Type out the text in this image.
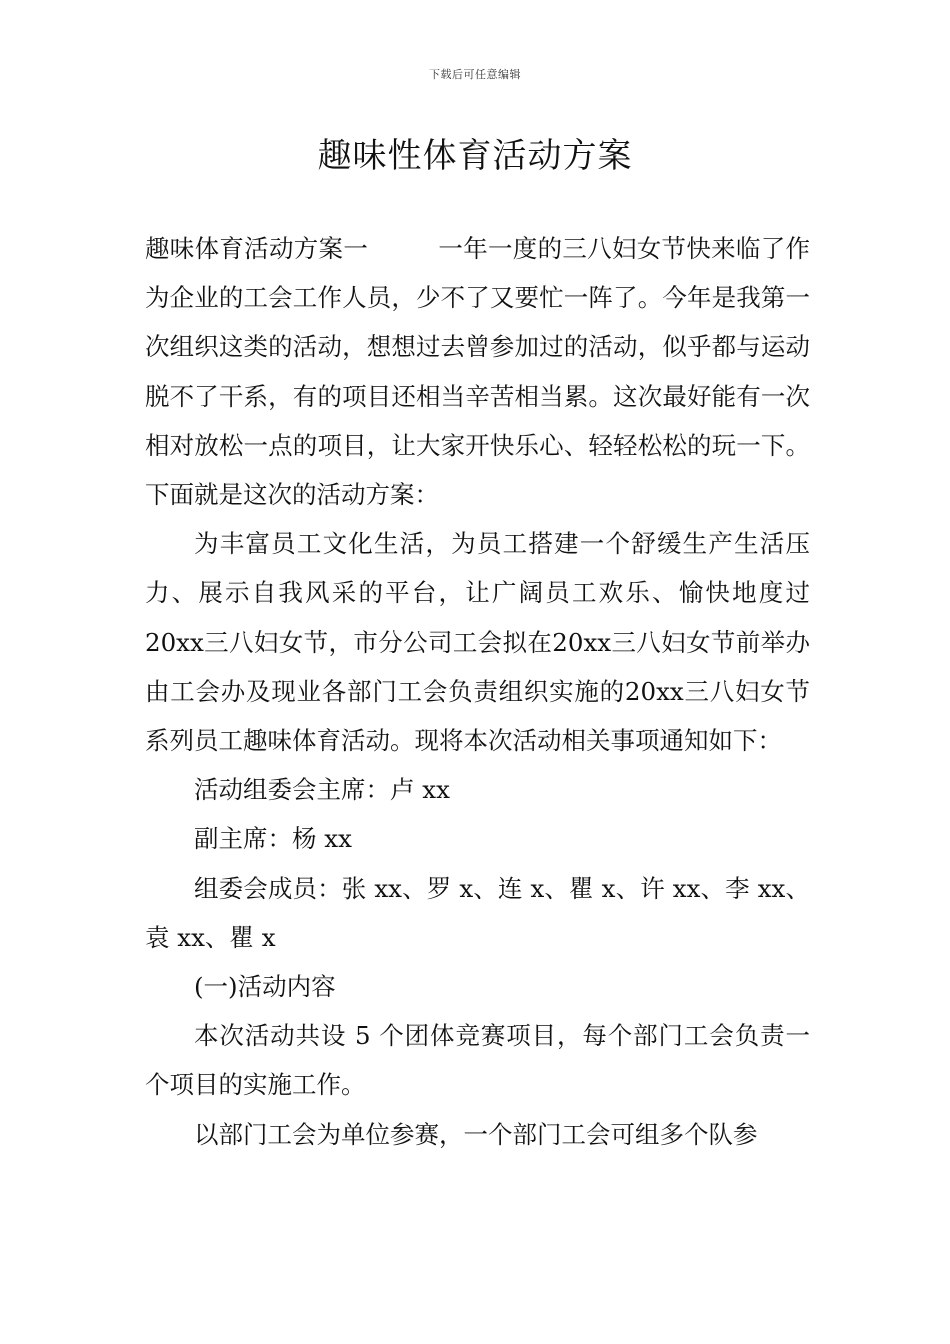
下载后可任意编辑
趣味性体育活动方案

趣味体育活动方案一	一年一度的三八妇女节快来临了作为企业的工会工作人员，少不了又要忙一阵了。今年是我第一次组织这类的活动，想想过去曾参加过的活动，似乎都与运动脱不了干系，有的项目还相当辛苦相当累。这次最好能有一次相对放松一点的项目，让大家开快乐心、轻轻松松的玩一下。下面就是这次的活动方案：

为丰富员工文化生活，为员工搭建一个舒缓生产生活压力、展示自我风采的平台，让广阔员工欢乐、愉快地度过20xx三八妇女节，市分公司工会拟在20xx三八妇女节前举办由工会办及现业各部门工会负责组织实施的20xx三八妇女节系列员工趣味体育活动。现将本次活动相关事项通知如下：

活动组委会主席：卢 xx

副主席：杨 xx

组委会成员：张 xx、罗 x、连 x、瞿 x、许 xx、李 xx、袁 xx、瞿 x

(一)活动内容

本次活动共设 5 个团体竞赛项目，每个部门工会负责一个项目的实施工作。

以部门工会为单位参赛，一个部门工会可组多个队参
